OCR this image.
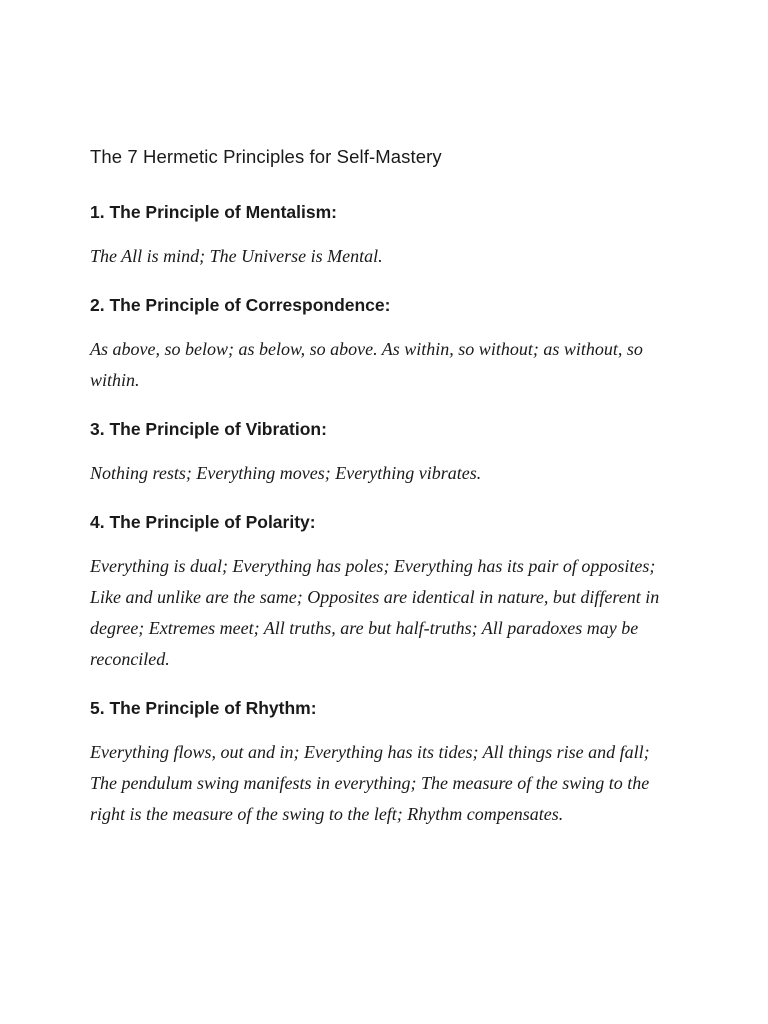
The 7 Hermetic Principles for Self-Mastery
1. The Principle of Mentalism:

The All is mind; The Universe is Mental.

2. The Principle of Correspondence:

As above, so below; as below, so above. As within, so without; as without, so within.

3. The Principle of Vibration:

Nothing rests; Everything moves; Everything vibrates.

4. The Principle of Polarity:

Everything is dual; Everything has poles; Everything has its pair of opposites; Like and unlike are the same; Opposites are identical in nature, but different in degree; Extremes meet; All truths, are but half-truths; All paradoxes may be reconciled.

5. The Principle of Rhythm:

Everything flows, out and in; Everything has its tides; All things rise and fall; The pendulum swing manifests in everything; The measure of the swing to the right is the measure of the swing to the left; Rhythm compensates.
